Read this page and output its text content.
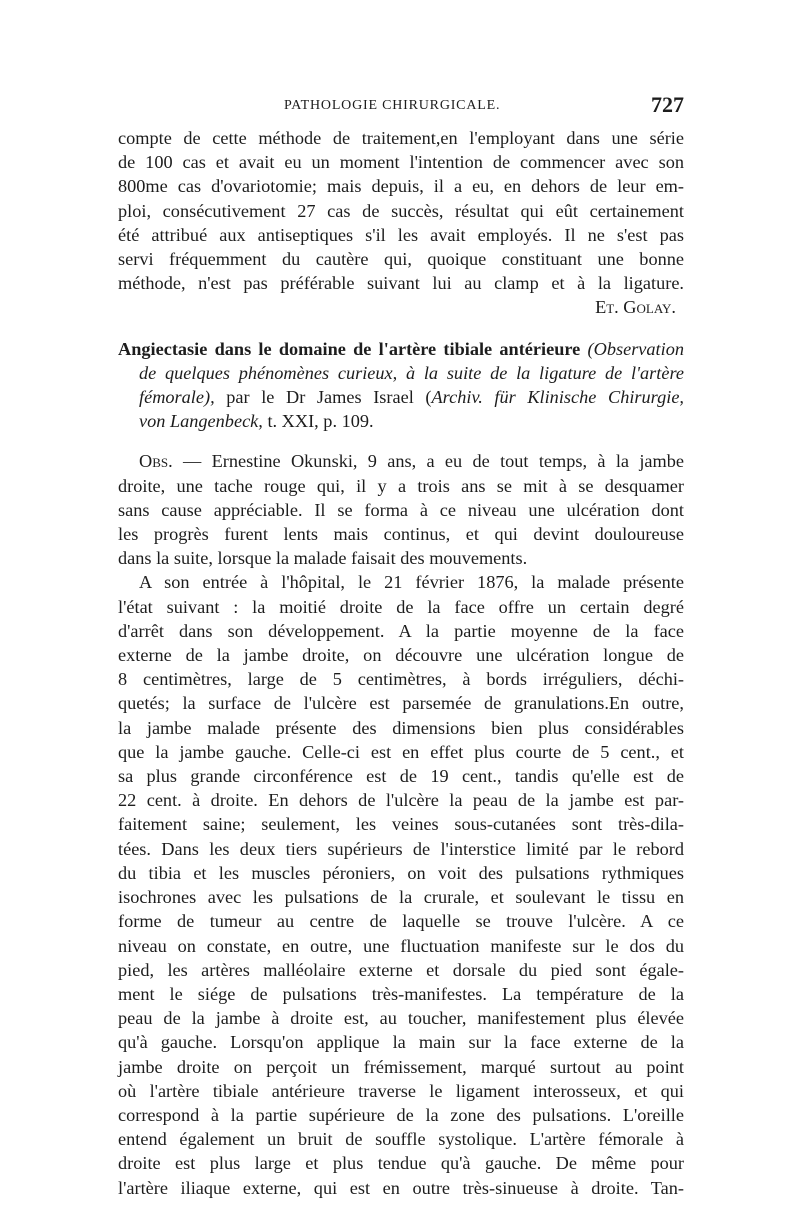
PATHOLOGIE CHIRURGICALE.	727

compte de cette méthode de traitement,en l'employant dans une série
de 100 cas et avait eu un moment l'intention de commencer avec son
800me cas d'ovariotomie; mais depuis, il a eu, en dehors de leur em-
ploi, consécutivement 27 cas de succès, résultat qui eût certainement
été attribué aux antiseptiques s'il les avait employés. Il ne s'est pas
servi fréquemment du cautère qui, quoique constituant une bonne
méthode, n'est pas préférable suivant lui au clamp et à la ligature.

Et. Golay.

Angiectasie dans le domaine de l'artère tibiale antérieure (Observation
de quelques phénomènes curieux, à la suite de la ligature de l'artère
fémorale), par le Dr James Israel (Archiv. für Klinische Chirurgie,
von Langenbeck, t. XXI, p. 109.

Obs. — Ernestine Okunski, 9 ans, a eu de tout temps, à la jambe
droite, une tache rouge qui, il y a trois ans se mit à se desquamer
sans cause appréciable. Il se forma à ce niveau une ulcération dont
les progrès furent lents mais continus, et qui devint douloureuse
dans la suite, lorsque la malade faisait des mouvements.

A son entrée à l'hôpital, le 21 février 1876, la malade présente
l'état suivant : la moitié droite de la face offre un certain degré
d'arrêt dans son développement. A la partie moyenne de la face
externe de la jambe droite, on découvre une ulcération longue de
8 centimètres, large de 5 centimètres, à bords irréguliers, déchi-
quetés; la surface de l'ulcère est parsemée de granulations.En outre,
la jambe malade présente des dimensions bien plus considérables
que la jambe gauche. Celle-ci est en effet plus courte de 5 cent., et
sa plus grande circonférence est de 19 cent., tandis qu'elle est de
22 cent. à droite. En dehors de l'ulcère la peau de la jambe est par-
faitement saine; seulement, les veines sous-cutanées sont très-dila-
tées. Dans les deux tiers supérieurs de l'interstice limité par le rebord
du tibia et les muscles péroniers, on voit des pulsations rythmiques
isochrones avec les pulsations de la crurale, et soulevant le tissu en
forme de tumeur au centre de laquelle se trouve l'ulcère. A ce
niveau on constate, en outre, une fluctuation manifeste sur le dos du
pied, les artères malléolaire externe et dorsale du pied sont égale-
ment le siége de pulsations très-manifestes. La température de la
peau de la jambe à droite est, au toucher, manifestement plus élevée
qu'à gauche. Lorsqu'on applique la main sur la face externe de la
jambe droite on perçoit un frémissement, marqué surtout au point
où l'artère tibiale antérieure traverse le ligament interosseux, et qui
correspond à la partie supérieure de la zone des pulsations. L'oreille
entend également un bruit de souffle systolique. L'artère fémorale à
droite est plus large et plus tendue qu'à gauche. De même pour
l'artère iliaque externe, qui est en outre très-sinueuse à droite. Tan-
